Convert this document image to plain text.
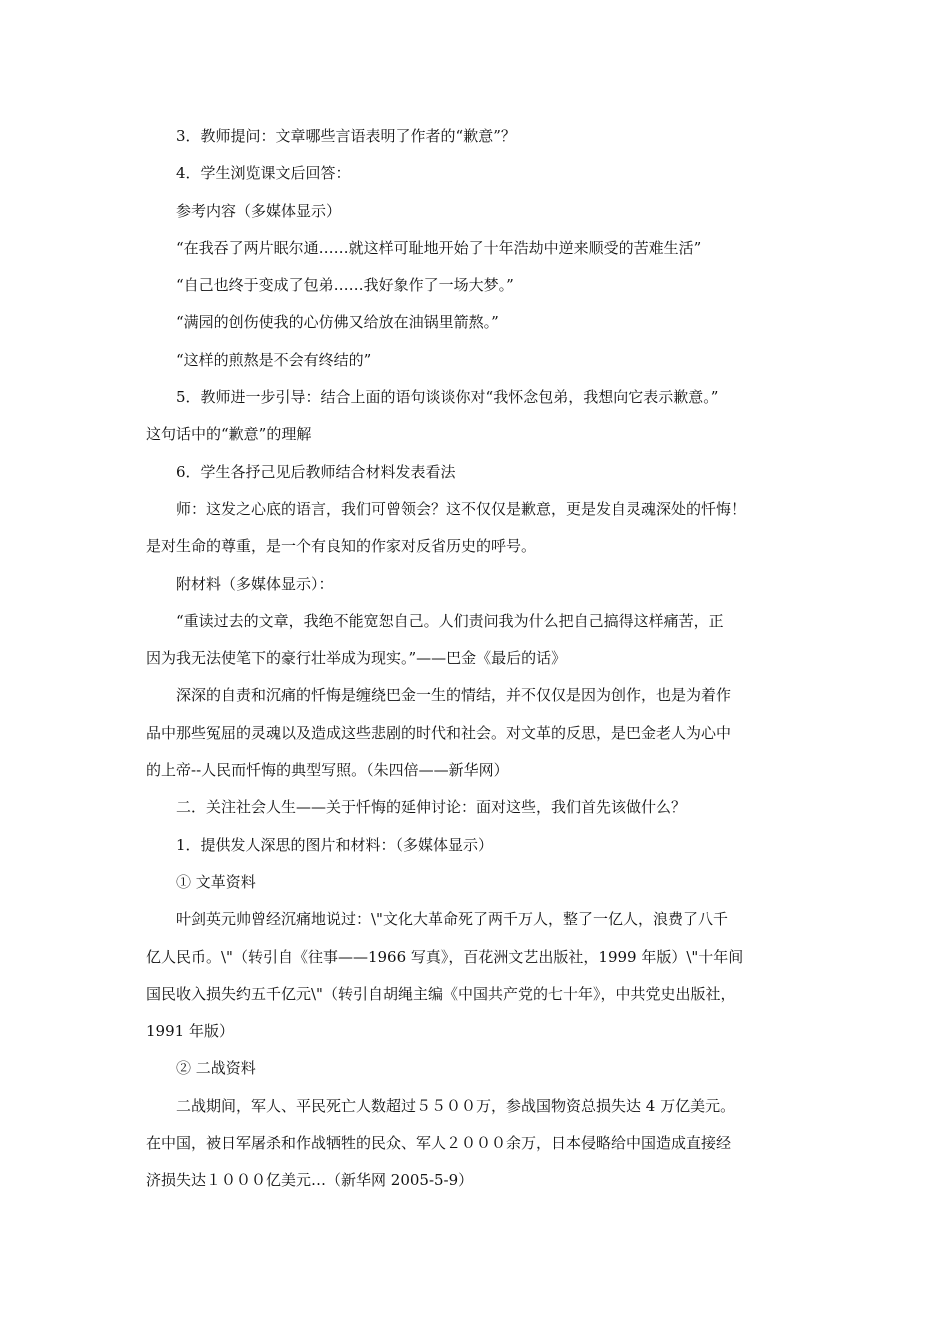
3．教师提问：文章哪些言语表明了作者的“歉意”？
4．学生浏览课文后回答：
参考内容（多媒体显示）
“在我吞了两片眠尔通……就这样可耻地开始了十年浩劫中逆来顺受的苦难生活”
“自己也终于变成了包弟……我好象作了一场大梦。”
“满园的创伤使我的心仿佛又给放在油锅里箭熬。”
“这样的煎熬是不会有终结的”
5．教师进一步引导：结合上面的语句谈谈你对“我怀念包弟，我想向它表示歉意。”
这句话中的“歉意”的理解
6．学生各抒己见后教师结合材料发表看法
师：这发之心底的语言，我们可曾领会？这不仅仅是歉意，更是发自灵魂深处的忏悔！
是对生命的尊重，是一个有良知的作家对反省历史的呼号。
附材料（多媒体显示）：
“重读过去的文章，我绝不能宽恕自己。人们责问我为什么把自己搞得这样痛苦，正
因为我无法使笔下的豪行壮举成为现实。”——巴金《最后的话》
深深的自责和沉痛的忏悔是缠绕巴金一生的情结，并不仅仅是因为创作，也是为着作
品中那些冤屈的灵魂以及造成这些悲剧的时代和社会。对文革的反思，是巴金老人为心中
的上帝--人民而忏悔的典型写照。（朱四倍——新华网）
二．关注社会人生——关于忏悔的延伸讨论：面对这些，我们首先该做什么？
1．提供发人深思的图片和材料：（多媒体显示）
① 文革资料
叶剑英元帅曾经沉痛地说过：\"文化大革命死了两千万人，整了一亿人，浪费了八千
亿人民币。\"（转引自《往事——1966 写真》，百花洲文艺出版社，1999 年版）\"十年间
国民收入损失约五千亿元\"（转引自胡绳主编《中国共产党的七十年》，中共党史出版社，
1991 年版）
② 二战资料
二战期间，军人、平民死亡人数超过５５００万，参战国物资总损失达 4 万亿美元。
在中国，被日军屠杀和作战牺牲的民众、军人２０００余万，日本侵略给中国造成直接经
济损失达１０００亿美元…（新华网 2005-5-9）
